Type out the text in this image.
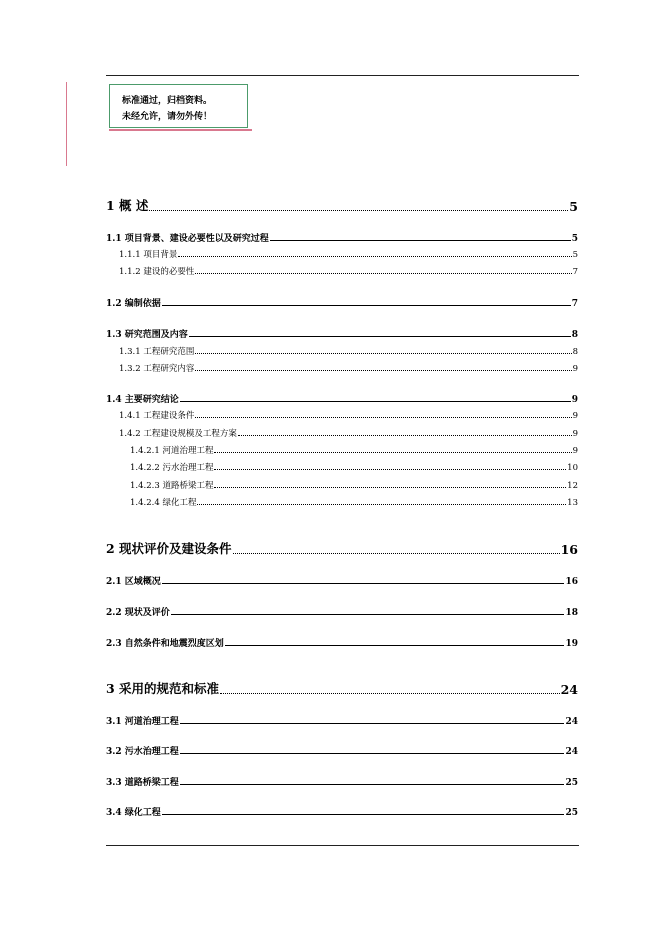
标准通过，归档资料。
未经允许，请勿外传！
1 概 述	5
1.1 项目背景、建设必要性以及研究过程	5
1.1.1 项目背景	5
1.1.2 建设的必要性	7
1.2 编制依据	7
1.3 研究范围及内容	8
1.3.1 工程研究范围	8
1.3.2 工程研究内容	9
1.4 主要研究结论	9
1.4.1 工程建设条件	9
1.4.2 工程建设规模及工程方案	9
1.4.2.1 河道治理工程	9
1.4.2.2 污水治理工程	10
1.4.2.3 道路桥梁工程	12
1.4.2.4 绿化工程	13
2 现状评价及建设条件	16
2.1 区域概况	16
2.2 现状及评价	18
2.3 自然条件和地震烈度区划	19
3 采用的规范和标准	24
3.1 河道治理工程	24
3.2 污水治理工程	24
3.3 道路桥梁工程	25
3.4 绿化工程	25
